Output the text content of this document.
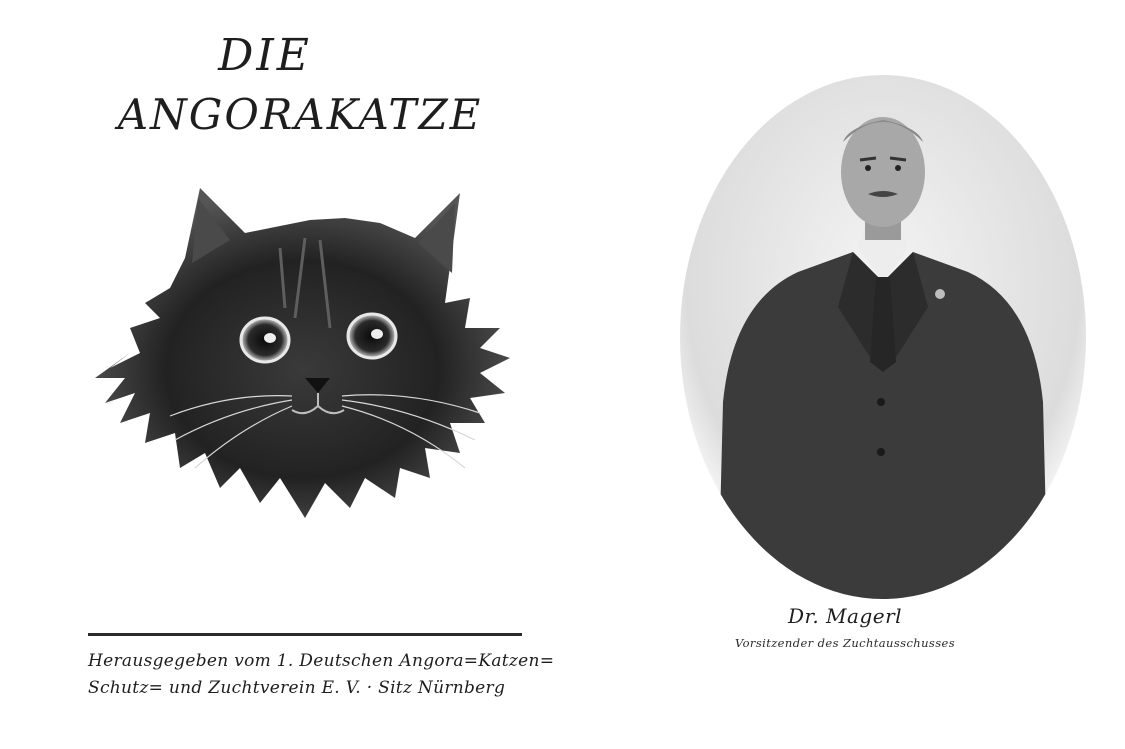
DIE
ANGORAKATZE

Herausgegeben vom 1. Deutschen Angora=Katzen=

Schutz= und Zuchtverein E. V. · Sitz Nürnberg

Dr. Magerl

Vorsitzender des Zuchtausschusses
